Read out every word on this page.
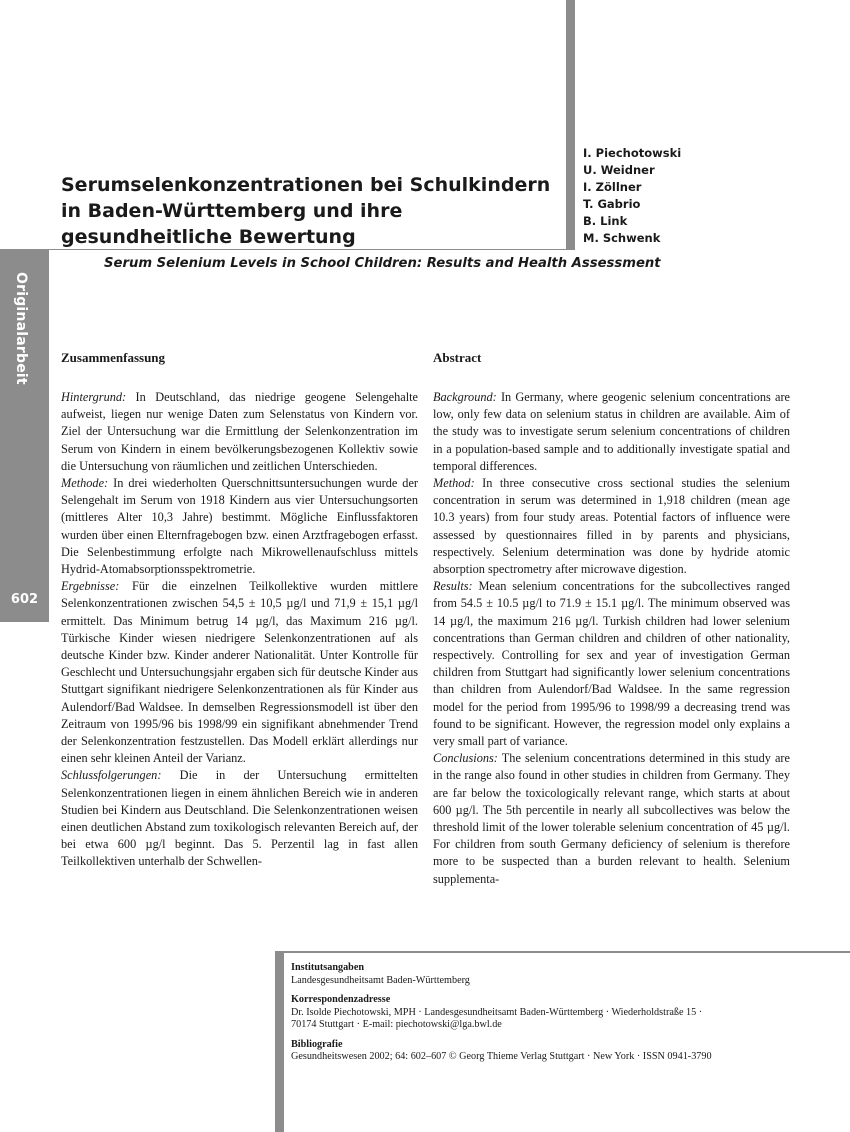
Originalarbeit
602
Serumselenkonzentrationen bei Schulkindern in Baden-Württemberg und ihre gesundheitliche Bewertung

Serum Selenium Levels in School Children: Results and Health Assessment

I. Piechotowski
U. Weidner
I. Zöllner
T. Gabrio
B. Link
M. Schwenk
Zusammenfassung

Hintergrund: In Deutschland, das niedrige geogene Selengehalte aufweist, liegen nur wenige Daten zum Selenstatus von Kindern vor. Ziel der Untersuchung war die Ermittlung der Selenkonzentration im Serum von Kindern in einem bevölkerungsbezogenen Kollektiv sowie die Untersuchung von räumlichen und zeitlichen Unterschieden.

Methode: In drei wiederholten Querschnittsuntersuchungen wurde der Selengehalt im Serum von 1918 Kindern aus vier Untersuchungsorten (mittleres Alter 10,3 Jahre) bestimmt. Mögliche Einflussfaktoren wurden über einen Elternfragebogen bzw. einen Arztfragebogen erfasst. Die Selenbestimmung erfolgte nach Mikrowellenaufschluss mittels Hydrid-Atomabsorptionsspektrometrie.

Ergebnisse: Für die einzelnen Teilkollektive wurden mittlere Selenkonzentrationen zwischen 54,5 ± 10,5 µg/l und 71,9 ± 15,1 µg/l ermittelt. Das Minimum betrug 14 µg/l, das Maximum 216 µg/l. Türkische Kinder wiesen niedrigere Selenkonzentrationen auf als deutsche Kinder bzw. Kinder anderer Nationalität. Unter Kontrolle für Geschlecht und Untersuchungsjahr ergaben sich für deutsche Kinder aus Stuttgart signifikant niedrigere Selenkonzentrationen als für Kinder aus Aulendorf/Bad Waldsee. In demselben Regressionsmodell ist über den Zeitraum von 1995/96 bis 1998/99 ein signifikant abnehmender Trend der Selenkonzentration festzustellen. Das Modell erklärt allerdings nur einen sehr kleinen Anteil der Varianz.

Schlussfolgerungen: Die in der Untersuchung ermittelten Selenkonzentrationen liegen in einem ähnlichen Bereich wie in anderen Studien bei Kindern aus Deutschland. Die Selenkonzentrationen weisen einen deutlichen Abstand zum toxikologisch relevanten Bereich auf, der bei etwa 600 µg/l beginnt. Das 5. Perzentil lag in fast allen Teilkollektiven unterhalb der Schwellen-

Abstract

Background: In Germany, where geogenic selenium concentrations are low, only few data on selenium status in children are available. Aim of the study was to investigate serum selenium concentrations of children in a population-based sample and to additionally investigate spatial and temporal differences.

Method: In three consecutive cross sectional studies the selenium concentration in serum was determined in 1,918 children (mean age 10.3 years) from four study areas. Potential factors of influence were assessed by questionnaires filled in by parents and physicians, respectively. Selenium determination was done by hydride atomic absorption spectrometry after microwave digestion.

Results: Mean selenium concentrations for the subcollectives ranged from 54.5 ± 10.5 µg/l to 71.9 ± 15.1 µg/l. The minimum observed was 14 µg/l, the maximum 216 µg/l. Turkish children had lower selenium concentrations than German children and children of other nationality, respectively. Controlling for sex and year of investigation German children from Stuttgart had significantly lower selenium concentrations than children from Aulendorf/Bad Waldsee. In the same regression model for the period from 1995/96 to 1998/99 a decreasing trend was found to be significant. However, the regression model only explains a very small part of variance.

Conclusions: The selenium concentrations determined in this study are in the range also found in other studies in children from Germany. They are far below the toxicologically relevant range, which starts at about 600 µg/l. The 5th percentile in nearly all subcollectives was below the threshold limit of the lower tolerable selenium concentration of 45 µg/l. For children from south Germany deficiency of selenium is therefore more to be suspected than a burden relevant to health. Selenium supplementa-

Institutsangaben
Landesgesundheitsamt Baden-Württemberg
Korrespondenzadresse
Dr. Isolde Piechotowski, MPH · Landesgesundheitsamt Baden-Württemberg · Wiederholdstraße 15 ·
70174 Stuttgart · E-mail: piechotowski@lga.bwl.de
Bibliografie
Gesundheitswesen 2002; 64: 602–607 © Georg Thieme Verlag Stuttgart · New York · ISSN 0941-3790
